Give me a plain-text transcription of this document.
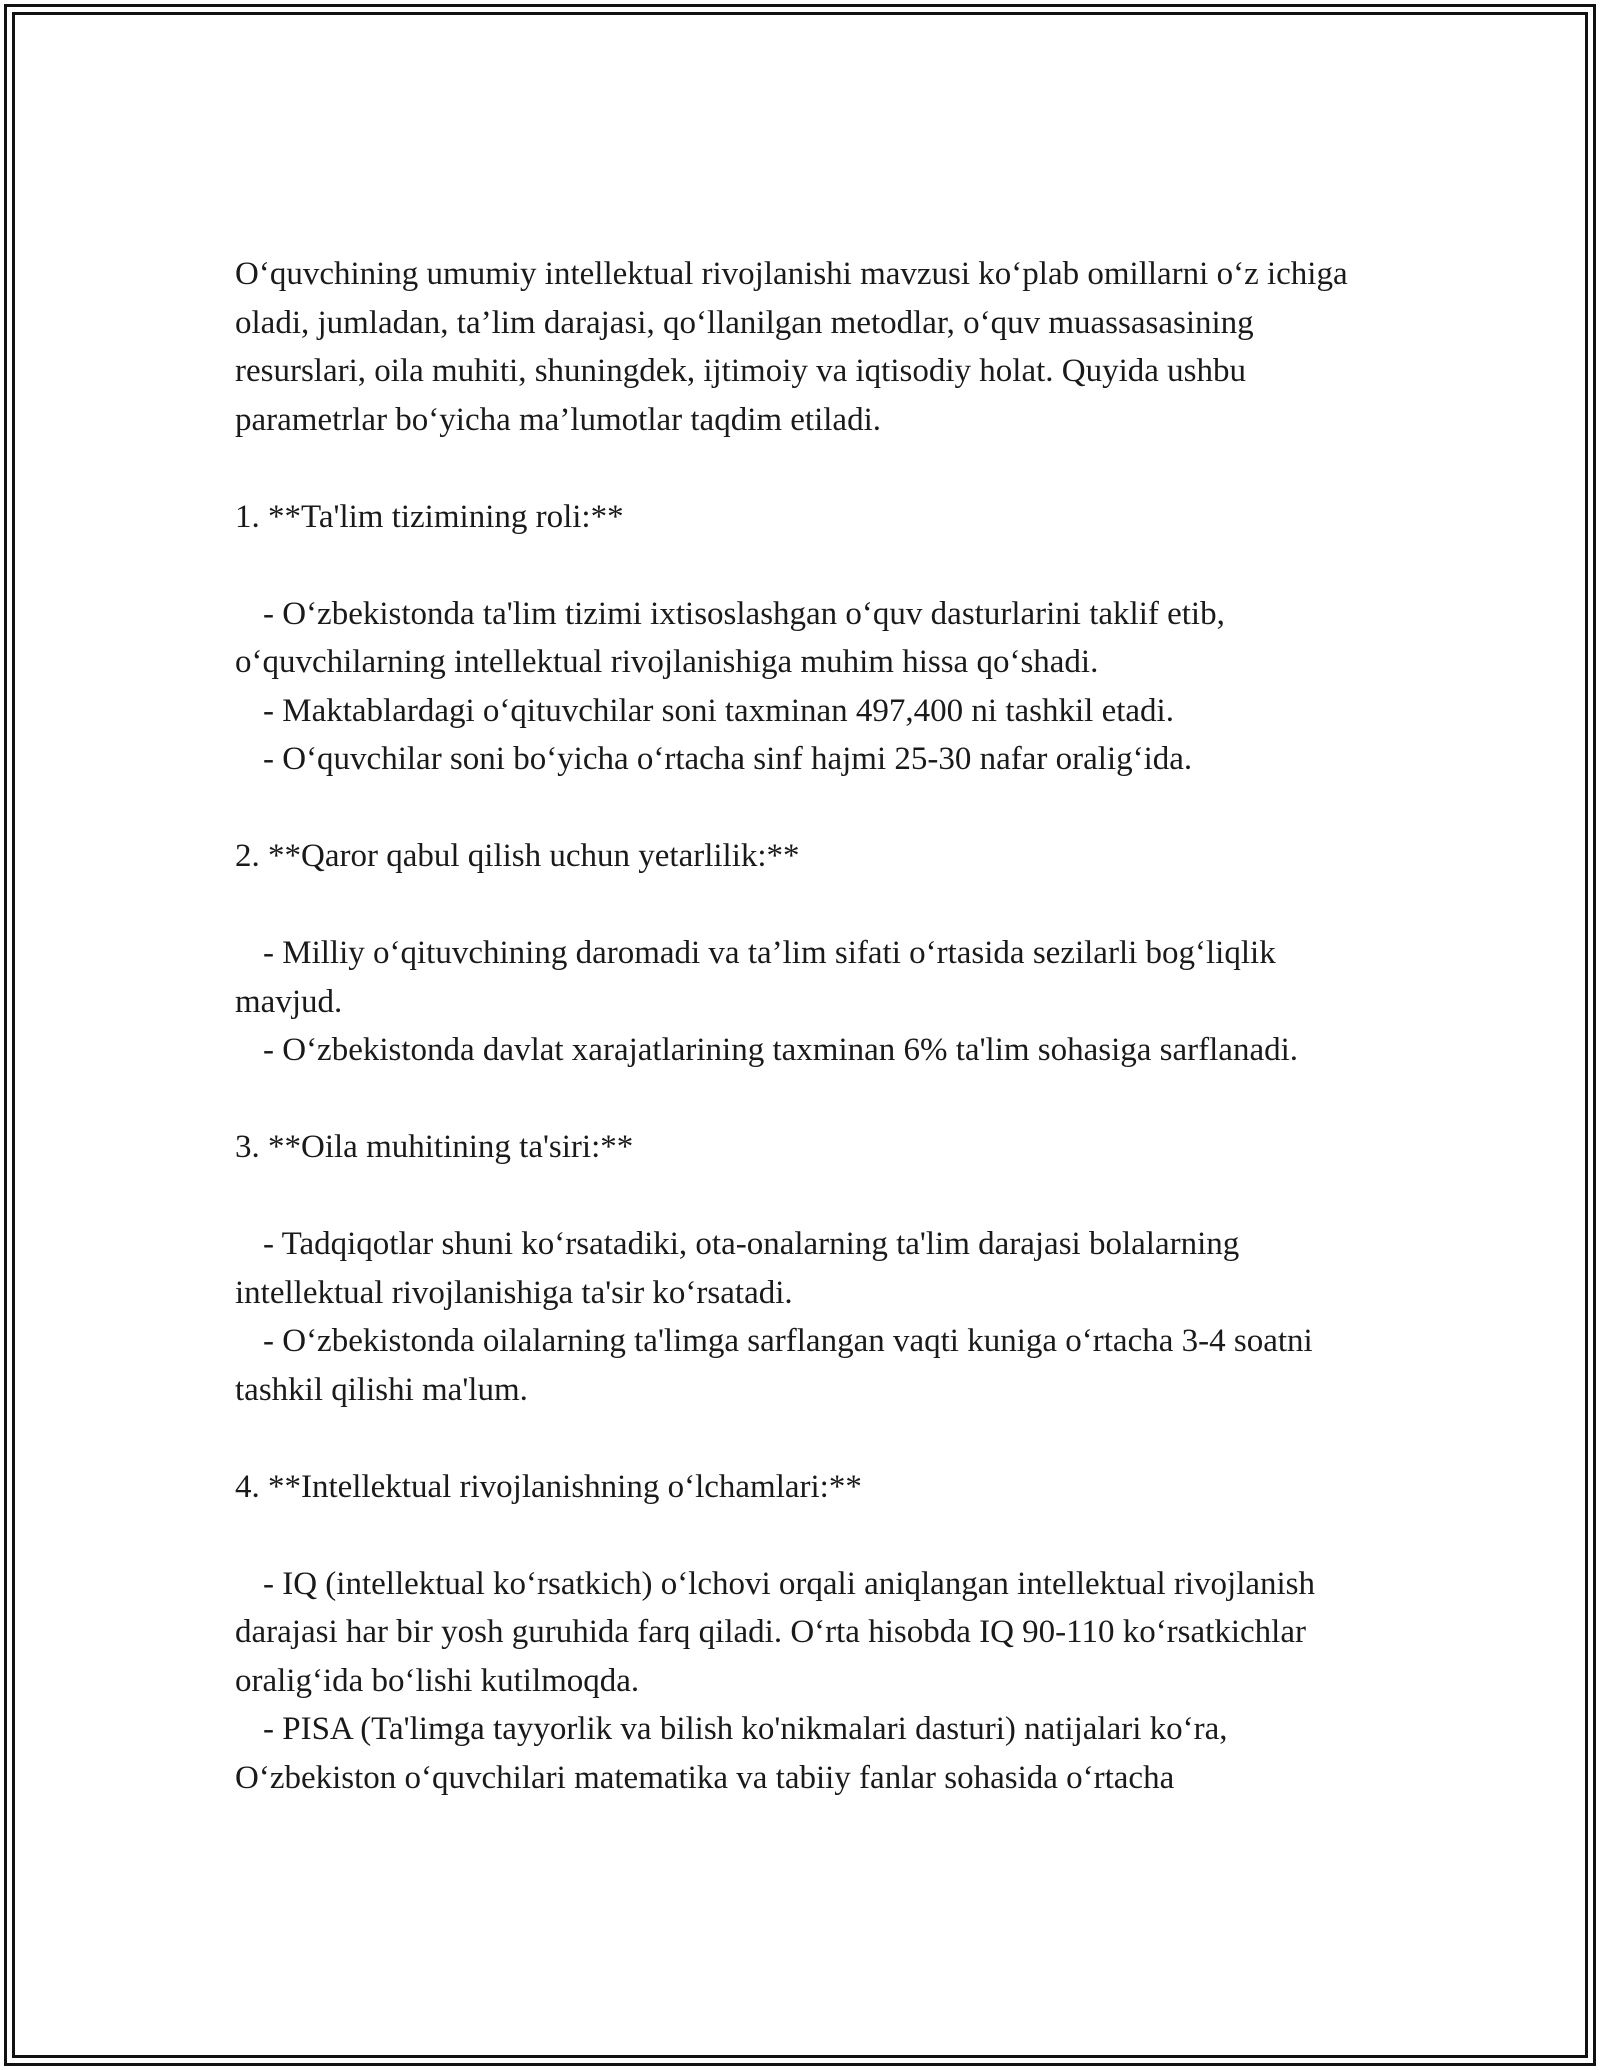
O‘quvchining umumiy intellektual rivojlanishi mavzusi ko‘plab omillarni o‘z ichiga oladi, jumladan, ta’lim darajasi, qo‘llanilgan metodlar, o‘quv muassasasining resurslari, oila muhiti, shuningdek, ijtimoiy va iqtisodiy holat. Quyida ushbu parametrlar bo‘yicha ma’lumotlar taqdim etiladi.

1. **Ta'lim tizimining roli:**

- O‘zbekistonda ta'lim tizimi ixtisoslashgan o‘quv dasturlarini taklif etib, o‘quvchilarning intellektual rivojlanishiga muhim hissa qo‘shadi.

- Maktablardagi o‘qituvchilar soni taxminan 497,400 ni tashkil etadi.

- O‘quvchilar soni bo‘yicha o‘rtacha sinf hajmi 25-30 nafar oralig‘ida.

2. **Qaror qabul qilish uchun yetarlilik:**

- Milliy o‘qituvchining daromadi va ta’lim sifati o‘rtasida sezilarli bog‘liqlik mavjud.

- O‘zbekistonda davlat xarajatlarining taxminan 6% ta'lim sohasiga sarflanadi.

3. **Oila muhitining ta'siri:**

- Tadqiqotlar shuni ko‘rsatadiki, ota-onalarning ta'lim darajasi bolalarning intellektual rivojlanishiga ta'sir ko‘rsatadi.

- O‘zbekistonda oilalarning ta'limga sarflangan vaqti kuniga o‘rtacha 3-4 soatni tashkil qilishi ma'lum.

4. **Intellektual rivojlanishning o‘lchamlari:**

- IQ (intellektual ko‘rsatkich) o‘lchovi orqali aniqlangan intellektual rivojlanish darajasi har bir yosh guruhida farq qiladi. O‘rta hisobda IQ 90-110 ko‘rsatkichlar oralig‘ida bo‘lishi kutilmoqda.

- PISA (Ta'limga tayyorlik va bilish ko'nikmalari dasturi) natijalari ko‘ra, O‘zbekiston o‘quvchilari matematika va tabiiy fanlar sohasida o‘rtacha
